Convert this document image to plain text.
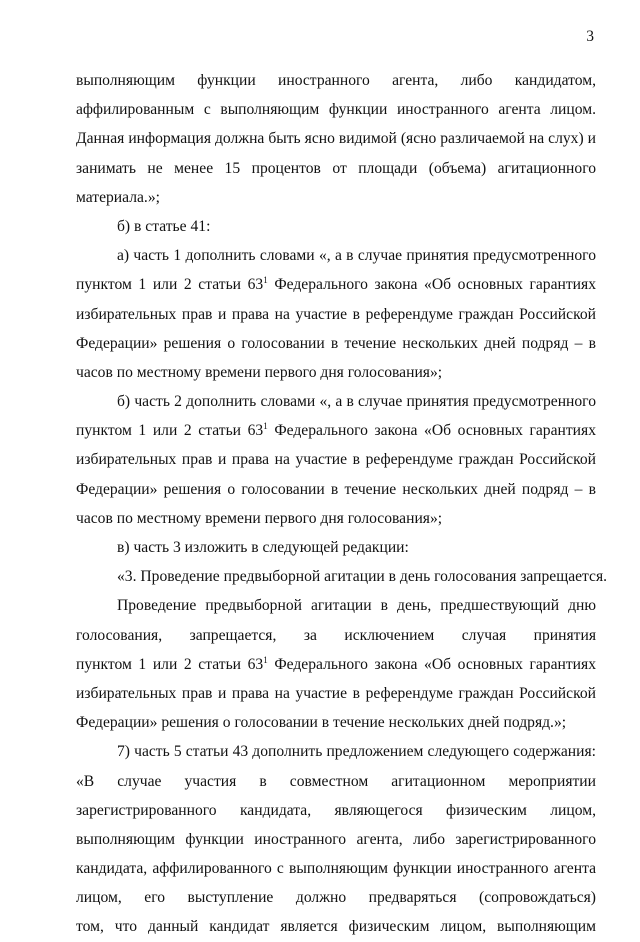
3
выполняющим функции иностранного агента, либо кандидатом,
аффилированным с выполняющим функции иностранного агента лицом.
Данная информация должна быть ясно видимой (ясно различаемой на слух) и
занимать не менее 15 процентов от площади (объема) агитационного
материала.»;
б) в статье 41:
а) часть 1 дополнить словами «, а в случае принятия предусмотренного
пунктом 1 или 2 статьи $63^1$ Федерального закона «Об основных гарантиях
избирательных прав и права на участие в референдуме граждан Российской
Федерации» решения о голосовании в течение нескольких дней подряд – в
часов по местному времени первого дня голосования»;
б) часть 2 дополнить словами «, а в случае принятия предусмотренного
пунктом 1 или 2 статьи $63^1$ Федерального закона «Об основных гарантиях
избирательных прав и права на участие в референдуме граждан Российской
Федерации» решения о голосовании в течение нескольких дней подряд – в
часов по местному времени первого дня голосования»;
в) часть 3 изложить в следующей редакции:
«3. Проведение предвыборной агитации в день голосования запрещается.
Проведение предвыборной агитации в день, предшествующий дню
голосования, запрещается, за исключением случая принятия
пунктом 1 или 2 статьи $63^1$ Федерального закона «Об основных гарантиях
избирательных прав и права на участие в референдуме граждан Российской
Федерации» решения о голосовании в течение нескольких дней подряд.»;
7) часть 5 статьи 43 дополнить предложением следующего содержания:
«В случае участия в совместном агитационном мероприятии
зарегистрированного кандидата, являющегося физическим лицом,
выполняющим функции иностранного агента, либо зарегистрированного
кандидата, аффилированного с выполняющим функции иностранного агента
лицом, его выступление должно предваряться (сопровождаться)
том, что данный кандидат является физическим лицом, выполняющим
